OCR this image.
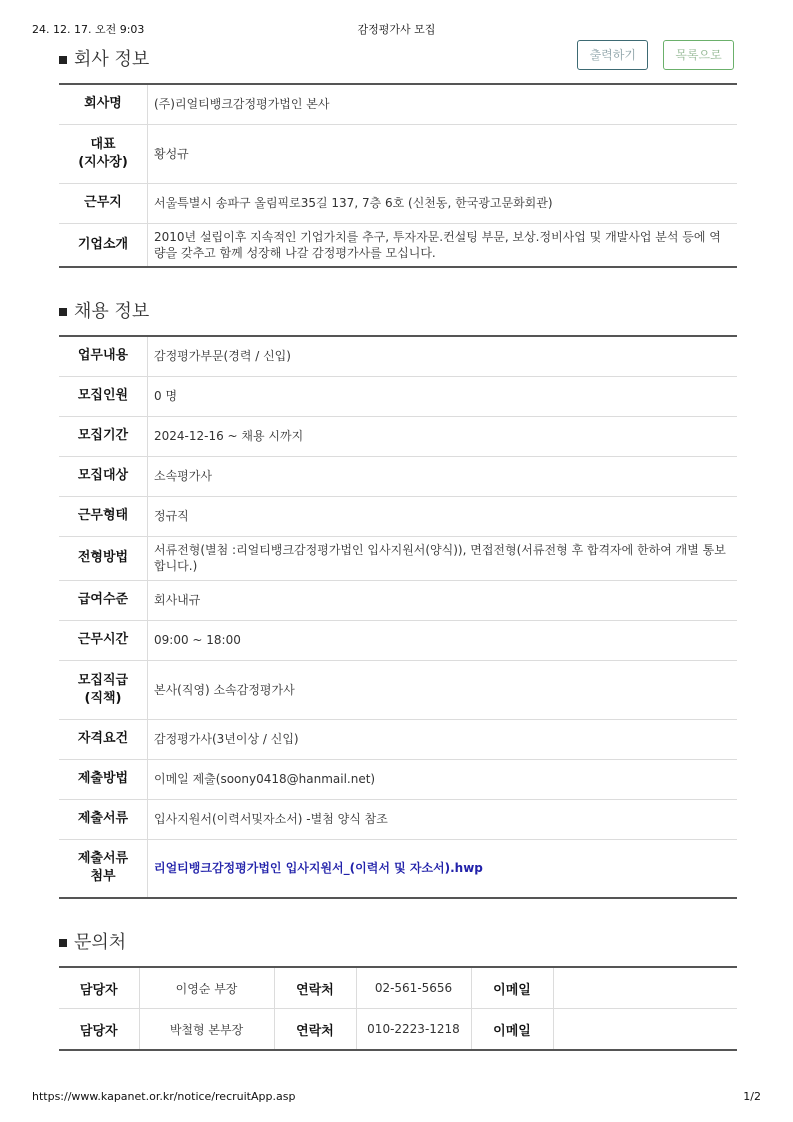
24. 12. 17. 오전 9:03	감정평가사 모집
회사 정보	출력하기	목록으로
회사명	(주)리얼티뱅크감정평가법인 본사
대표
(지사장)	황성규
근무지	서울특별시 송파구 올림픽로35길 137, 7층 6호 (신천동, 한국광고문화회관)
기업소개	2010년 설립이후 지속적인 기업가치를 추구, 투자자문.컨설팅 부문, 보상.정비사업 및 개발사업 분석 등에 역량을 갖추고 함께 성장해 나갈 감정평가사를 모십니다.
채용 정보
업무내용	감정평가부문(경력 / 신입)
모집인원	0 명
모집기간	2024-12-16 ~ 채용 시까지
모집대상	소속평가사
근무형태	정규직
전형방법	서류전형(별첨 :리얼티뱅크감정평가법인 입사지원서(양식)), 면접전형(서류전형 후 합격자에 한하여 개별 통보합니다.)
급여수준	회사내규
근무시간	09:00 ~ 18:00
모집직급
(직책)	본사(직영) 소속감정평가사
자격요건	감정평가사(3년이상 / 신입)
제출방법	이메일 제출(soony0418@hanmail.net)
제출서류	입사지원서(이력서및자소서) -별첨 양식 참조
제출서류
첨부	리얼티뱅크감정평가법인 입사지원서_(이력서 및 자소서).hwp
문의처
담당자	이영순 부장	연락처	02-561-5656	이메일	
담당자	박철형 본부장	연락처	010-2223-1218	이메일	
https://www.kapanet.or.kr/notice/recruitApp.asp	1/2
